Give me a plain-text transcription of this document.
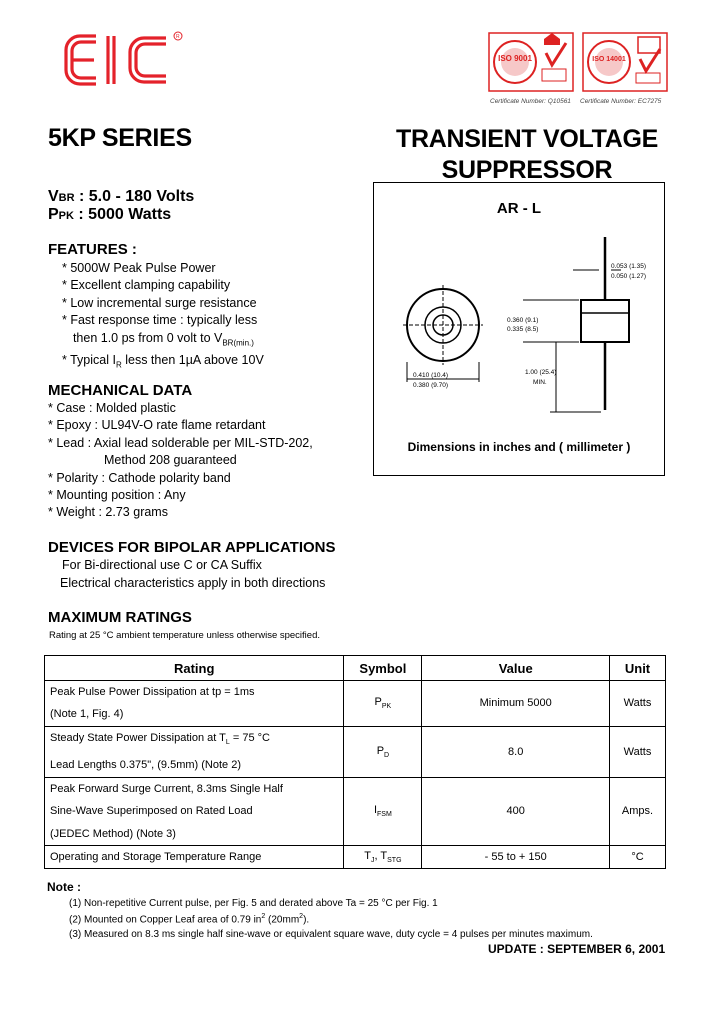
R
ISO 9001
Certificate Number: Q10561
ISO 14001
Certificate Number: EC7275
5KP SERIES	TRANSIENT VOLTAGE
SUPPRESSOR
VBR : 5.0 - 180 Volts
PPK : 5000 Watts
FEATURES :
* 5000W Peak Pulse Power
* Excellent clamping capability
* Low incremental surge resistance
* Fast response time : typically less
then 1.0 ps from 0 volt to $V_{BR(min.)}$
* Typical $I_R$ less then 1µA above 10V
MECHANICAL DATA
* Case : Molded plastic
* Epoxy : UL94V-O rate flame retardant
* Lead : Axial lead solderable per MIL-STD-202,
Method 208 guaranteed
* Polarity : Cathode polarity band
* Mounting position : Any
* Weight : 2.73 grams
DEVICES FOR BIPOLAR APPLICATIONS
For Bi-directional use C or CA Suffix
Electrical characteristics apply in both directions
AR - L
0.053 (1.35)
0.050 (1.27)
0.360 (9.1)
0.335 (8.5)
1.00 (25.4)
MIN.
0.410 (10.4)
0.380 (9.70)
Dimensions in inches and ( millimeter )
MAXIMUM RATINGS
Rating at 25 °C ambient temperature unless otherwise specified.
Rating	Symbol	Value	Unit

Peak Pulse Power Dissipation at tp = 1ms
(Note 1, Fig. 4)	$P_{PK}$	Minimum 5000	Watts

Steady State Power Dissipation at $T_L = 75$ °C
Lead Lengths 0.375", (9.5mm) (Note 2)	$P_D$	8.0	Watts

Peak Forward Surge Current, 8.3ms Single Half
Sine-Wave Superimposed on Rated Load
(JEDEC Method) (Note 3)	$I_{FSM}$	400	Amps.
Operating and Storage Temperature Range	$T_J$, $T_{STG}$	- 55 to + 150	°C
Note :
(1) Non-repetitive Current pulse, per Fig. 5 and derated above Ta = 25 °C per Fig. 1
(2) Mounted on Copper Leaf area of 0.79 $in^2$ $(20mm^2)$.
(3) Measured on 8.3 ms single half sine-wave or equivalent square wave, duty cycle = 4 pulses per minutes maximum.
UPDATE : SEPTEMBER 6, 2001
